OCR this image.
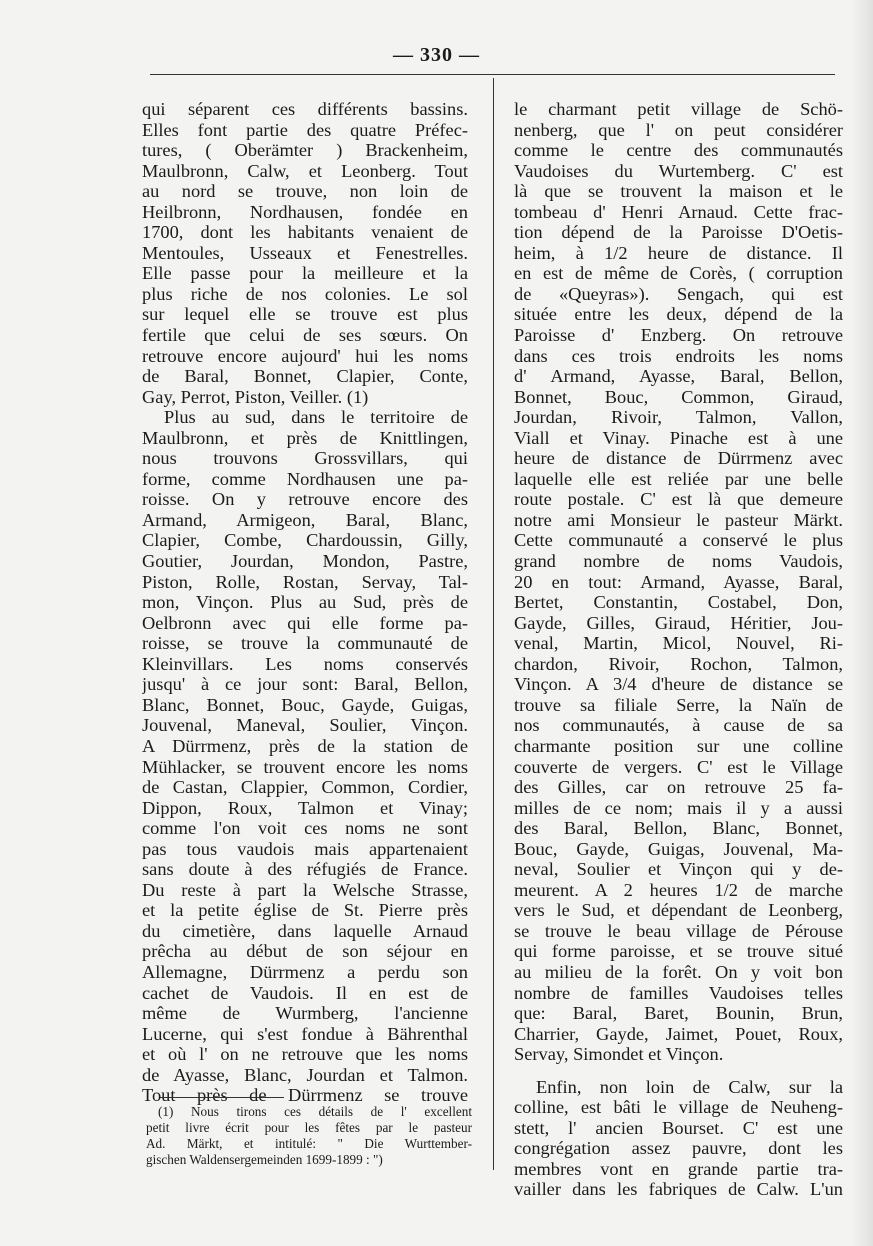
— 330 —
qui séparent ces différents bassins.
Elles font partie des quatre Préfec-
tures, ( Oberämter ) Brackenheim,
Maulbronn, Calw, et Leonberg. Tout
au nord se trouve, non loin de
Heilbronn, Nordhausen, fondée en
1700, dont les habitants venaient de
Mentoules, Usseaux et Fenestrelles.
Elle passe pour la meilleure et la
plus riche de nos colonies. Le sol
sur lequel elle se trouve est plus
fertile que celui de ses sœurs. On
retrouve encore aujourd' hui les noms
de Baral, Bonnet, Clapier, Conte,
Gay, Perrot, Piston, Veiller. (1)
Plus au sud, dans le territoire de
Maulbronn, et près de Knittlingen,
nous trouvons Grossvillars, qui
forme, comme Nordhausen une pa-
roisse. On y retrouve encore des
Armand, Armigeon, Baral, Blanc,
Clapier, Combe, Chardoussin, Gilly,
Goutier, Jourdan, Mondon, Pastre,
Piston, Rolle, Rostan, Servay, Tal-
mon, Vinçon. Plus au Sud, près de
Oelbronn avec qui elle forme pa-
roisse, se trouve la communauté de
Kleinvillars. Les noms conservés
jusqu' à ce jour sont: Baral, Bellon,
Blanc, Bonnet, Bouc, Gayde, Guigas,
Jouvenal, Maneval, Soulier, Vinçon.
A Dürrmenz, près de la station de
Mühlacker, se trouvent encore les noms
de Castan, Clappier, Common, Cordier,
Dippon, Roux, Talmon et Vinay;
comme l'on voit ces noms ne sont
pas tous vaudois mais appartenaient
sans doute à des réfugiés de France.
Du reste à part la Welsche Strasse,
et la petite église de St. Pierre près
du cimetière, dans laquelle Arnaud
prêcha au début de son séjour en
Allemagne, Dürrmenz a perdu son
cachet de Vaudois. Il en est de
même de Wurmberg, l'ancienne
Lucerne, qui s'est fondue à Bährenthal
et où l' on ne retrouve que les noms
de Ayasse, Blanc, Jourdan et Talmon.
Tout près de Dürrmenz se trouve
le charmant petit village de Schö-
nenberg, que l' on peut considérer
comme le centre des communautés
Vaudoises du Wurtemberg. C' est
là que se trouvent la maison et le
tombeau d' Henri Arnaud. Cette frac-
tion dépend de la Paroisse D'Oetis-
heim, à 1/2 heure de distance. Il
en est de même de Corès, ( corruption
de «Queyras»). Sengach, qui est
située entre les deux, dépend de la
Paroisse d' Enzberg. On retrouve
dans ces trois endroits les noms
d' Armand, Ayasse, Baral, Bellon,
Bonnet, Bouc, Common, Giraud,
Jourdan, Rivoir, Talmon, Vallon,
Viall et Vinay. Pinache est à une
heure de distance de Dürrmenz avec
laquelle elle est reliée par une belle
route postale. C' est là que demeure
notre ami Monsieur le pasteur Märkt.
Cette communauté a conservé le plus
grand nombre de noms Vaudois,
20 en tout: Armand, Ayasse, Baral,
Bertet, Constantin, Costabel, Don,
Gayde, Gilles, Giraud, Héritier, Jou-
venal, Martin, Micol, Nouvel, Ri-
chardon, Rivoir, Rochon, Talmon,
Vinçon. A 3/4 d'heure de distance se
trouve sa filiale Serre, la Naïn de
nos communautés, à cause de sa
charmante position sur une colline
couverte de vergers. C' est le Village
des Gilles, car on retrouve 25 fa-
milles de ce nom; mais il y a aussi
des Baral, Bellon, Blanc, Bonnet,
Bouc, Gayde, Guigas, Jouvenal, Ma-
neval, Soulier et Vinçon qui y de-
meurent. A 2 heures 1/2 de marche
vers le Sud, et dépendant de Leonberg,
se trouve le beau village de Pérouse
qui forme paroisse, et se trouve situé
au milieu de la forêt. On y voit bon
nombre de familles Vaudoises telles
que: Baral, Baret, Bounin, Brun,
Charrier, Gayde, Jaimet, Pouet, Roux,
Servay, Simondet et Vinçon.
Enfin, non loin de Calw, sur la
colline, est bâti le village de Neuheng-
stett, l' ancien Bourset. C' est une
congrégation assez pauvre, dont les
membres vont en grande partie tra-
vailler dans les fabriques de Calw. L'un
(1) Nous tirons ces détails de l' excellent
petit livre écrit pour les fêtes par le pasteur
Ad. Märkt, et intitulé: " Die Wurttember-
gischen Waldensergemeinden 1699-1899 : ")
